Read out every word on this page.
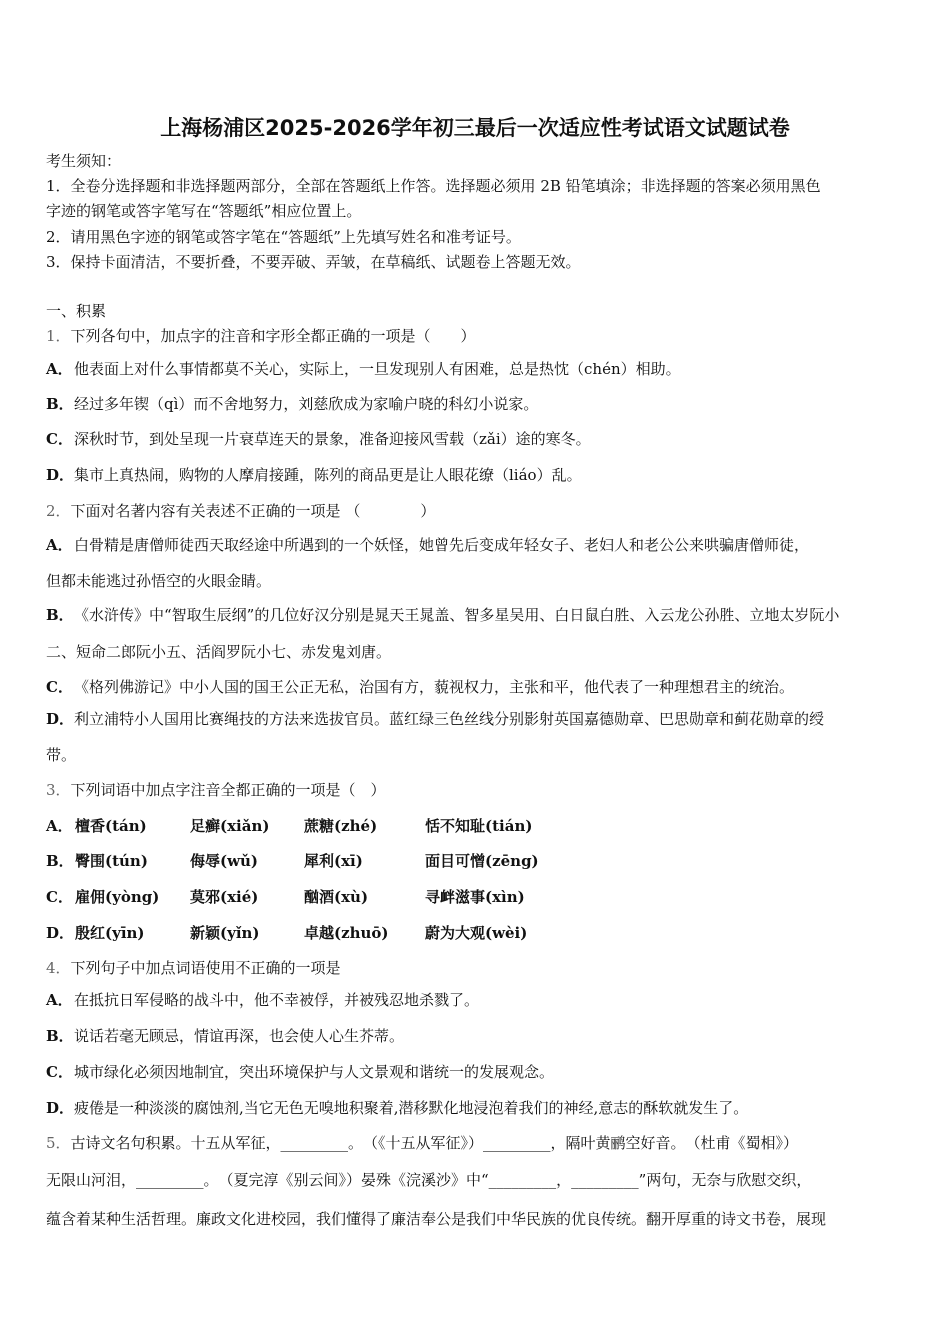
上海杨浦区2025-2026学年初三最后一次适应性考试语文试题试卷
考生须知：
1．全卷分选择题和非选择题两部分，全部在答题纸上作答。选择题必须用 2B 铅笔填涂；非选择题的答案必须用黑色
字迹的钢笔或答字笔写在“答题纸”相应位置上。
2．请用黑色字迹的钢笔或答字笔在“答题纸”上先填写姓名和准考证号。
3．保持卡面清洁，不要折叠，不要弄破、弄皱，在草稿纸、试题卷上答题无效。
一、积累
1．下列各句中，加点字的注音和字形全都正确的一项是（　　）
A．他表面上对什么事情都莫不关心，实际上，一旦发现别人有困难，总是热忱（chén）相助。
B．经过多年锲（qì）而不舍地努力，刘慈欣成为家喻户晓的科幻小说家。
C．深秋时节，到处呈现一片衰草连天的景象，准备迎接风雪载（zǎi）途的寒冬。
D．集市上真热闹，购物的人摩肩接踵，陈列的商品更是让人眼花缭（liáo）乱。
2．下面对名著内容有关表述不正确的一项是 （　　　　）
A．白骨精是唐僧师徒西天取经途中所遇到的一个妖怪，她曾先后变成年轻女子、老妇人和老公公来哄骗唐僧师徒，
但都未能逃过孙悟空的火眼金睛。
B．《水浒传》中“智取生辰纲”的几位好汉分别是晁天王晁盖、智多星吴用、白日鼠白胜、入云龙公孙胜、立地太岁阮小
二、短命二郎阮小五、活阎罗阮小七、赤发鬼刘唐。
C．《格列佛游记》中小人国的国王公正无私，治国有方，藐视权力，主张和平，他代表了一种理想君主的统治。
D．利立浦特小人国用比赛绳技的方法来选拔官员。蓝红绿三色丝线分别影射英国嘉德勋章、巴思勋章和蓟花勋章的绶
带。
3．下列词语中加点字注音全都正确的一项是（　）
A． 檀香(tán)	足癣(xiǎn) 蔗糖(zhé)	恬不知耻(tián)
B． 臀围(tún)	侮辱(wǔ)	犀利(xī)	面目可憎(zēng)
C． 雇佣(yòng) 莫邪(xié)	酗酒(xù)	寻衅滋事(xìn)
D． 殷红(yīn)	新颖(yǐn)	卓越(zhuō) 蔚为大观(wèi)
4．下列句子中加点词语使用不正确的一项是
A．在抵抗日军侵略的战斗中，他不幸被俘，并被残忍地杀戮了。
B．说话若毫无顾忌，情谊再深，也会使人心生芥蒂。
C．城市绿化必须因地制宜，突出环境保护与人文景观和谐统一的发展观念。
D．疲倦是一种淡淡的腐蚀剂,当它无色无嗅地积聚着,潜移默化地浸泡着我们的神经,意志的酥软就发生了。
5．古诗文名句积累。十五从军征，_________。　（《十五从军征》）_________，隔叶黄鹂空好音。　（杜甫《蜀相》）
无限山河泪，_________。　（夏完淳《别云间》）晏殊《浣溪沙》中“_________，_________”两句，无奈与欣慰交织，
蕴含着某种生活哲理。廉政文化进校园，我们懂得了廉洁奉公是我们中华民族的优良传统。翻开厚重的诗文书卷，展现
